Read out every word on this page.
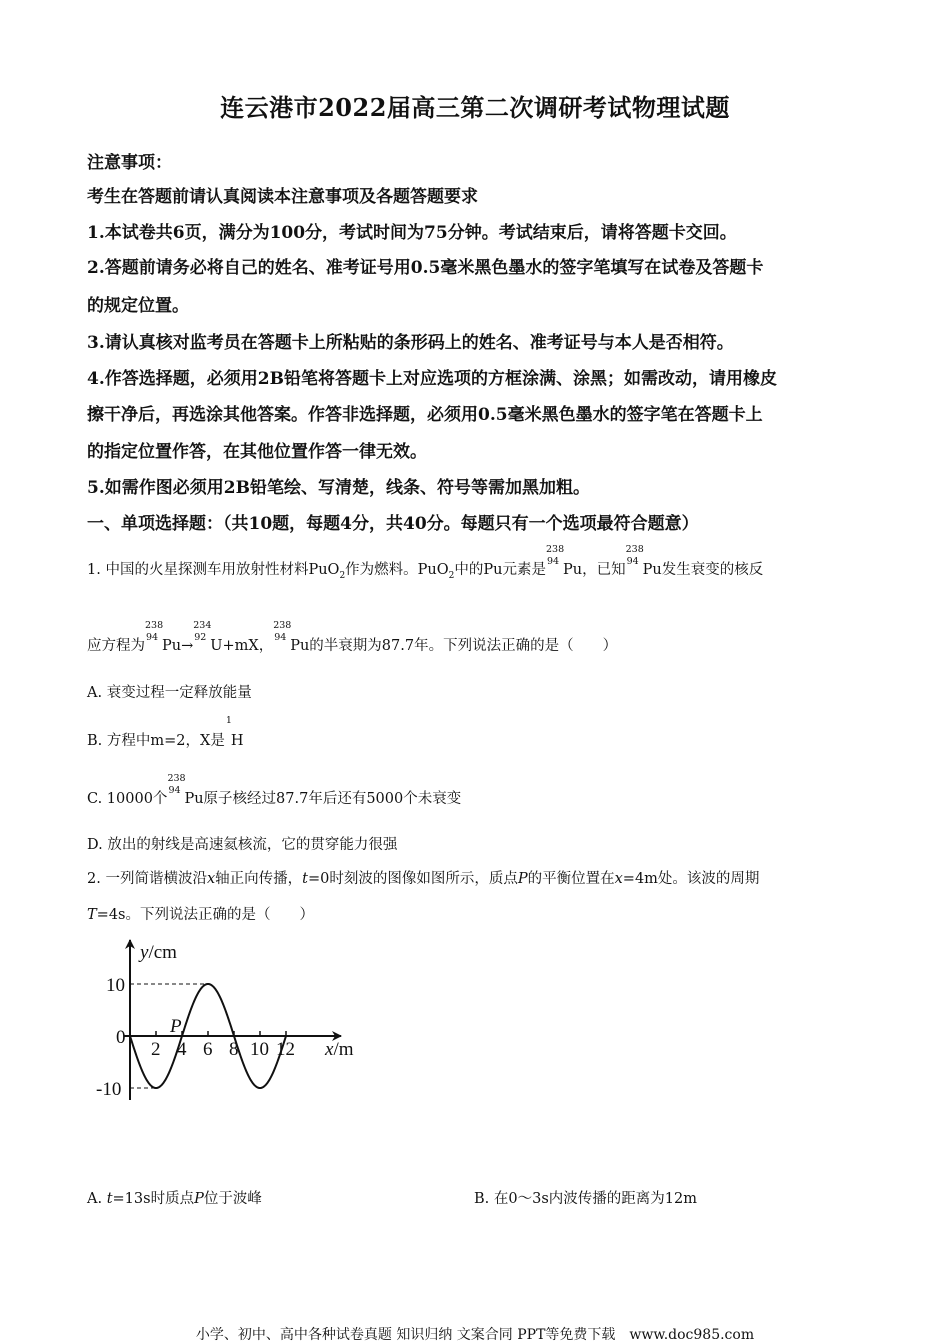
连云港市2022届高三第二次调研考试物理试题
注意事项：
考生在答题前请认真阅读本注意事项及各题答题要求
1.本试卷共6页，满分为100分，考试时间为75分钟。考试结束后，请将答题卡交回。
2.答题前请务必将自己的姓名、准考证号用0.5毫米黑色墨水的签字笔填写在试卷及答题卡
的规定位置。
3.请认真核对监考员在答题卡上所粘贴的条形码上的姓名、准考证号与本人是否相符。
4.作答选择题，必须用2B铅笔将答题卡上对应选项的方框涂满、涂黑；如需改动，请用橡皮
擦干净后，再选涂其他答案。作答非选择题，必须用0.5毫米黑色墨水的签字笔在答题卡上
的指定位置作答，在其他位置作答一律无效。
5.如需作图必须用2B铅笔绘、写清楚，线条、符号等需加黑加粗。
一、单项选择题：（共10题，每题4分，共40分。每题只有一个选项最符合题意）
1. 中国的火星探测车用放射性材料PuO$_2$作为燃料。PuO$_2$中的Pu元素是
238
94
Pu，已知
238
94
Pu发生衰变的核反
应方程为
238
94
Pu→
234
92
U+mX，
238
94
Pu的半衰期为87.7年。下列说法正确的是（　　）
A. 衰变过程一定释放能量
B. 方程中m=2，X是
1
H
C. 10000个
238
94
Pu原子核经过87.7年后还有5000个未衰变
D. 放出的射线是高速氦核流，它的贯穿能力很强
2. 一列简谐横波沿x轴正向传播，t=0时刻波的图像如图所示，质点P的平衡位置在x=4m处。该波的周期
T=4s。下列说法正确的是（　　）
2 4 6 8 10 12
10
0
-10
x/m
y/cm
P
A. t=13s时质点P位于波峰	B. 在0～3s内波传播的距离为12m
小学、初中、高中各种试卷真题 知识归纳 文案合同 PPT等免费下载　www.doc985.com
